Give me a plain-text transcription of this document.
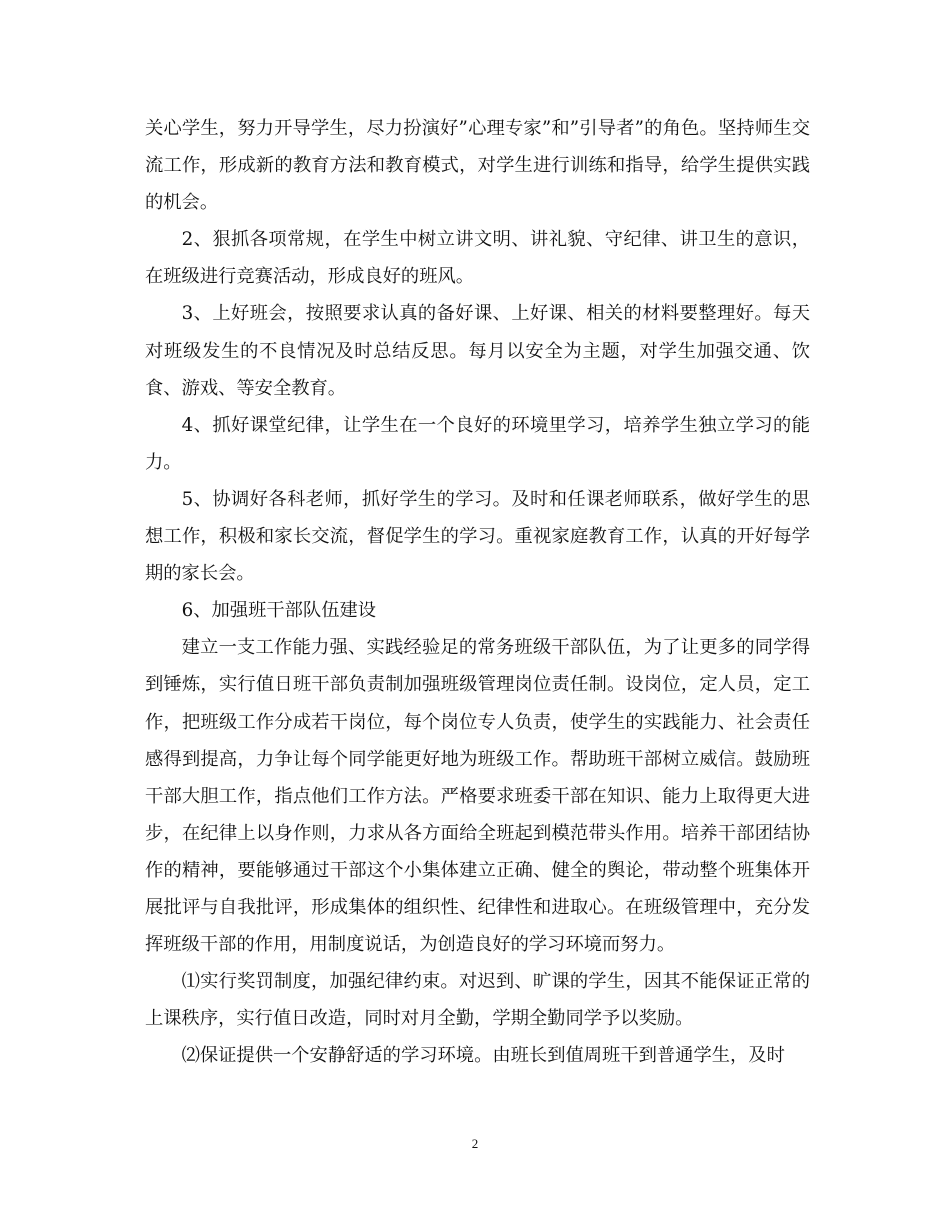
关心学生，努力开导学生，尽力扮演好”心理专家”和”引导者”的角色。坚持师生交流工作，形成新的教育方法和教育模式，对学生进行训练和指导，给学生提供实践的机会。

2、狠抓各项常规，在学生中树立讲文明、讲礼貌、守纪律、讲卫生的意识，在班级进行竞赛活动，形成良好的班风。

3、上好班会，按照要求认真的备好课、上好课、相关的材料要整理好。每天对班级发生的不良情况及时总结反思。每月以安全为主题，对学生加强交通、饮食、游戏、等安全教育。

4、抓好课堂纪律，让学生在一个良好的环境里学习，培养学生独立学习的能力。

5、协调好各科老师，抓好学生的学习。及时和任课老师联系，做好学生的思想工作，积极和家长交流，督促学生的学习。重视家庭教育工作，认真的开好每学期的家长会。

6、加强班干部队伍建设

建立一支工作能力强、实践经验足的常务班级干部队伍，为了让更多的同学得到锤炼，实行值日班干部负责制加强班级管理岗位责任制。设岗位，定人员，定工作，把班级工作分成若干岗位，每个岗位专人负责，使学生的实践能力、社会责任感得到提高，力争让每个同学能更好地为班级工作。帮助班干部树立威信。鼓励班干部大胆工作，指点他们工作方法。严格要求班委干部在知识、能力上取得更大进步，在纪律上以身作则，力求从各方面给全班起到模范带头作用。培养干部团结协作的精神，要能够通过干部这个小集体建立正确、健全的舆论，带动整个班集体开展批评与自我批评，形成集体的组织性、纪律性和进取心。在班级管理中，充分发挥班级干部的作用，用制度说话，为创造良好的学习环境而努力。

⑴实行奖罚制度，加强纪律约束。对迟到、旷课的学生，因其不能保证正常的上课秩序，实行值日改造，同时对月全勤，学期全勤同学予以奖励。

⑵保证提供一个安静舒适的学习环境。由班长到值周班干到普通学生，及时

2
